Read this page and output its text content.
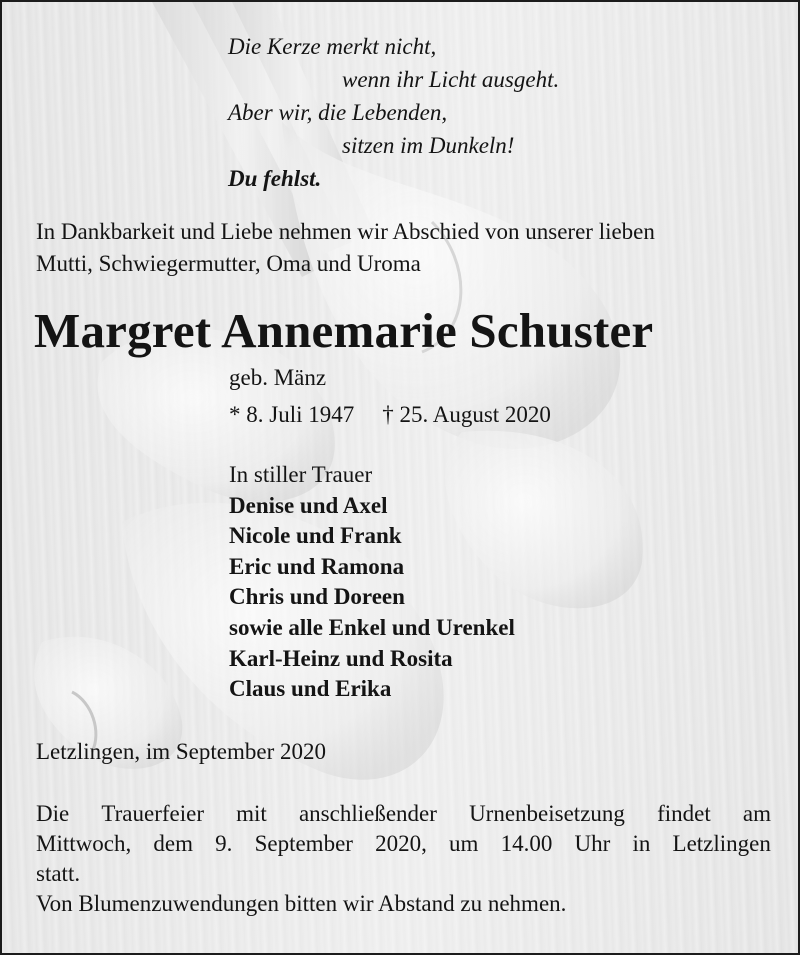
Die Kerze merkt nicht,
wenn ihr Licht ausgeht.
Aber wir, die Lebenden,
sitzen im Dunkeln!
Du fehlst.
In Dankbarkeit und Liebe nehmen wir Abschied von unserer lieben
Mutti, Schwiegermutter, Oma und Uroma
Margret Annemarie Schuster
geb. Mänz
* 8. Juli 1947 † 25. August 2020
In stiller Trauer
Denise und Axel
Nicole und Frank
Eric und Ramona
Chris und Doreen
sowie alle Enkel und Urenkel
Karl-Heinz und Rosita
Claus und Erika
Letzlingen, im September 2020
Die Trauerfeier mit anschließender Urnenbeisetzung findet am
Mittwoch, dem 9. September 2020, um 14.00 Uhr in Letzlingen
statt.
Von Blumenzuwendungen bitten wir Abstand zu nehmen.
